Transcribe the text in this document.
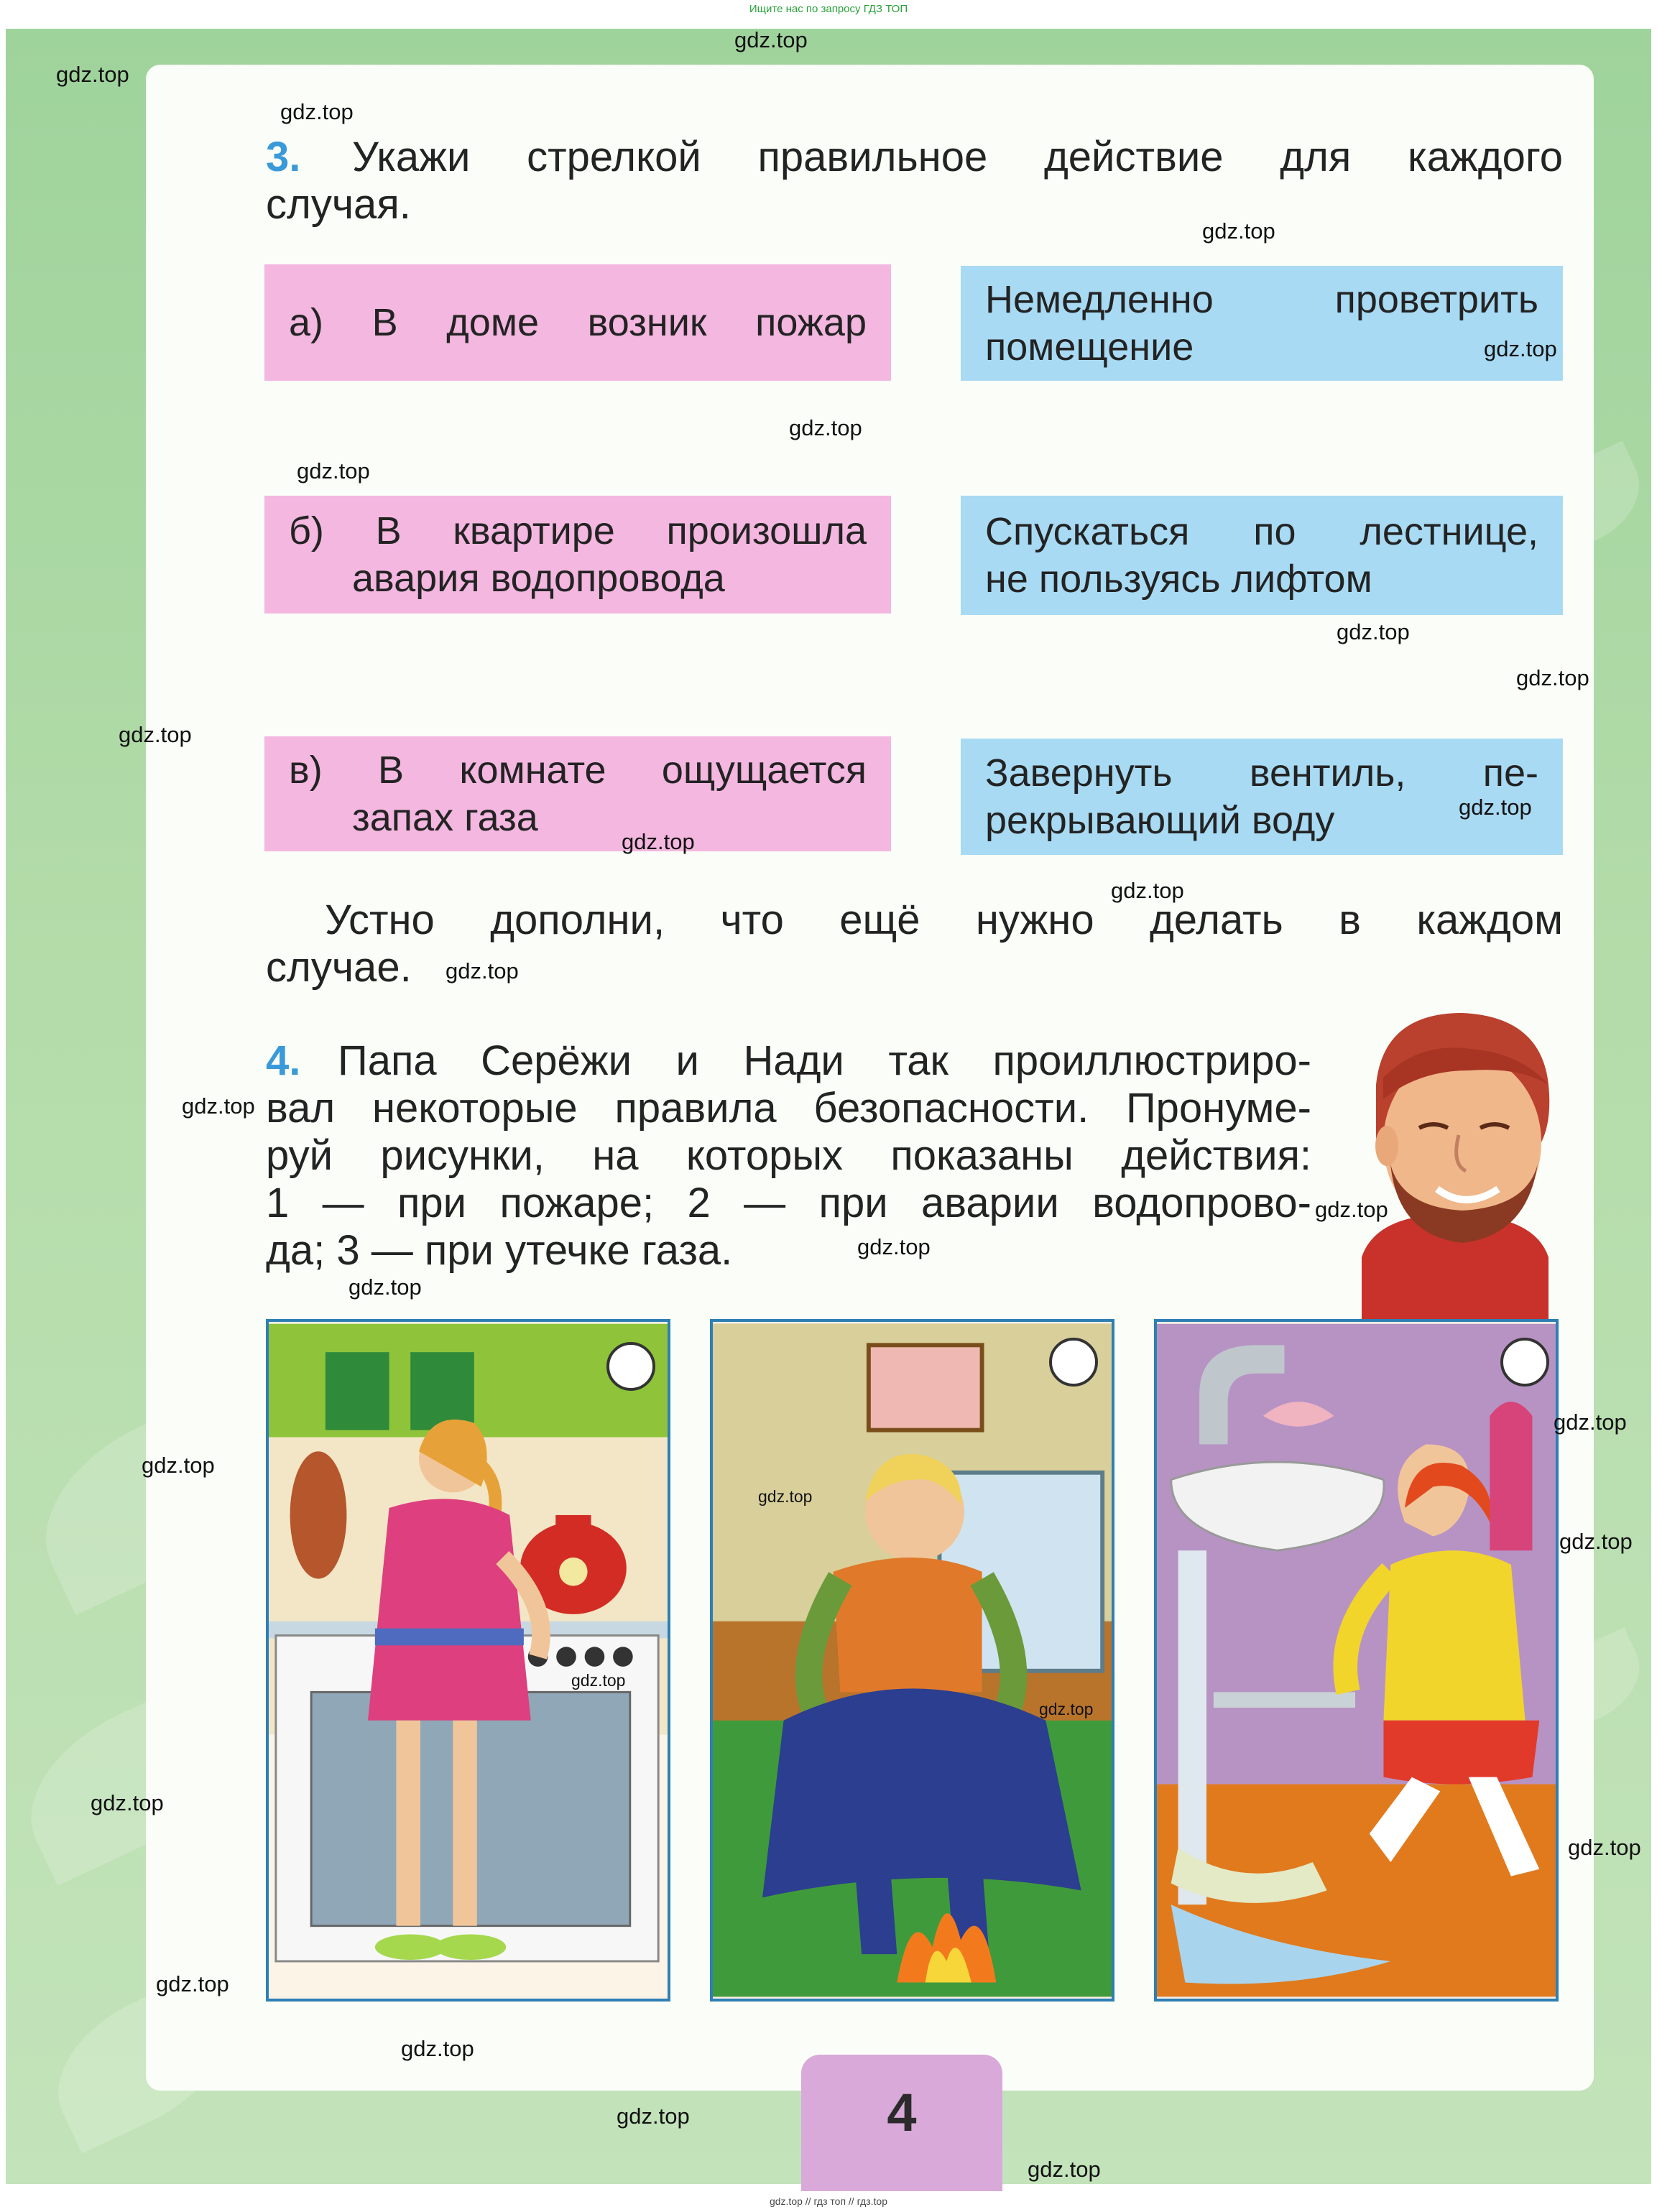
Ищите нас по запросу ГДЗ ТОП
3.	Укажи стрелкой правильное действие для каждого
случая.
а) В доме возник пожар
б) В квартире произошла
авария водопровода
в) В комнате ощущается
запах газа
Немедленно проветрить
помещение
Спускаться по лестнице,
не пользуясь лифтом
Завернуть вентиль, пе-
рекрывающий воду
Устно дополни, что ещё нужно делать в каждом
случае.
4. Папа Серёжи и Нади так проиллюстриро-
вал некоторые правила безопасности. Пронуме-
руй рисунки, на которых показаны действия:
1 — при пожаре; 2 — при аварии водопрово-
да; 3 — при утечке газа.
4
gdz.top
gdz.top
gdz.top
gdz.top
gdz.top
gdz.top
gdz.top
gdz.top
gdz.top
gdz.top
gdz.top
gdz.top
gdz.top
gdz.top
gdz.top
gdz.top
gdz.top
gdz.top
gdz.top
gdz.top
gdz.top
gdz.top
gdz.top
gdz.top
gdz.top
gdz.top
gdz.top
gdz.top
gdz.top
gdz.top
gdz.top // гдз топ // гдз.top
